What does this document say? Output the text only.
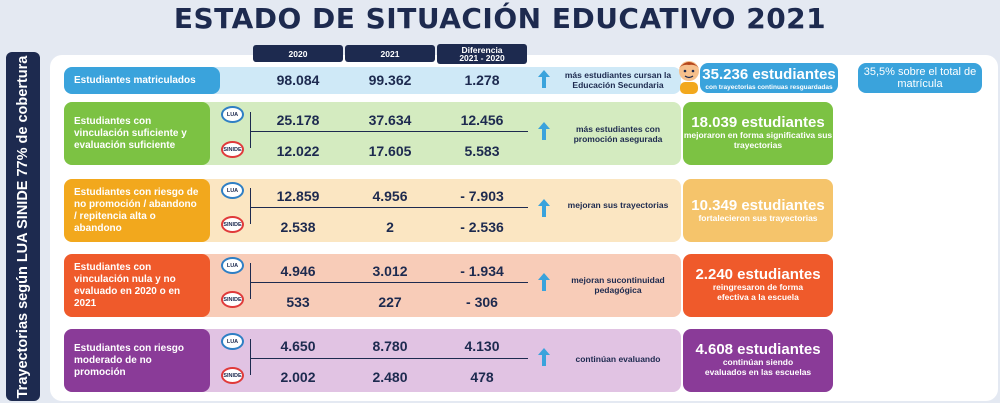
ESTADO DE SITUACIÓN EDUCATIVO 2021
Trayectorias según LUA SINIDE 77% de cobertura
2020	2021	Diferencia
2021 - 2020
Estudiantes matriculados	98.084	99.362	1.278	más estudiantes cursan la Educación Secundaria
35.236 estudiantes
con trayectorias continuas resguardadas
35,5% sobre el total de matrícula
Estudiantes con vinculación suficiente y evaluación suficiente
LUA
SINIDE
25.178	37.634	12.456
12.022	17.605	5.583
más estudiantes con promoción asegurada
18.039 estudiantes
mejoraron en forma significativa sus trayectorias
Estudiantes con riesgo de no promoción / abandono / repitencia alta o abandono
LUA
SINIDE
12.859	4.956	- 7.903
2.538	2	- 2.536
mejoran sus trayectorias	10.349 estudiantes
fortalecieron sus trayectorias
Estudiantes con vinculación nula y no evaluado en 2020 o en 2021
LUA
SINIDE
4.946	3.012	- 1.934
533	227	- 306
mejoran sucontinuidad pedagógica
2.240 estudiantes
reingresaron de forma efectiva a la escuela
Estudiantes con riesgo moderado de no promoción
LUA
SINIDE
4.650	8.780	4.130
2.002	2.480	478
continúan evaluando
4.608 estudiantes
continúan siendo evaluados en las escuelas
